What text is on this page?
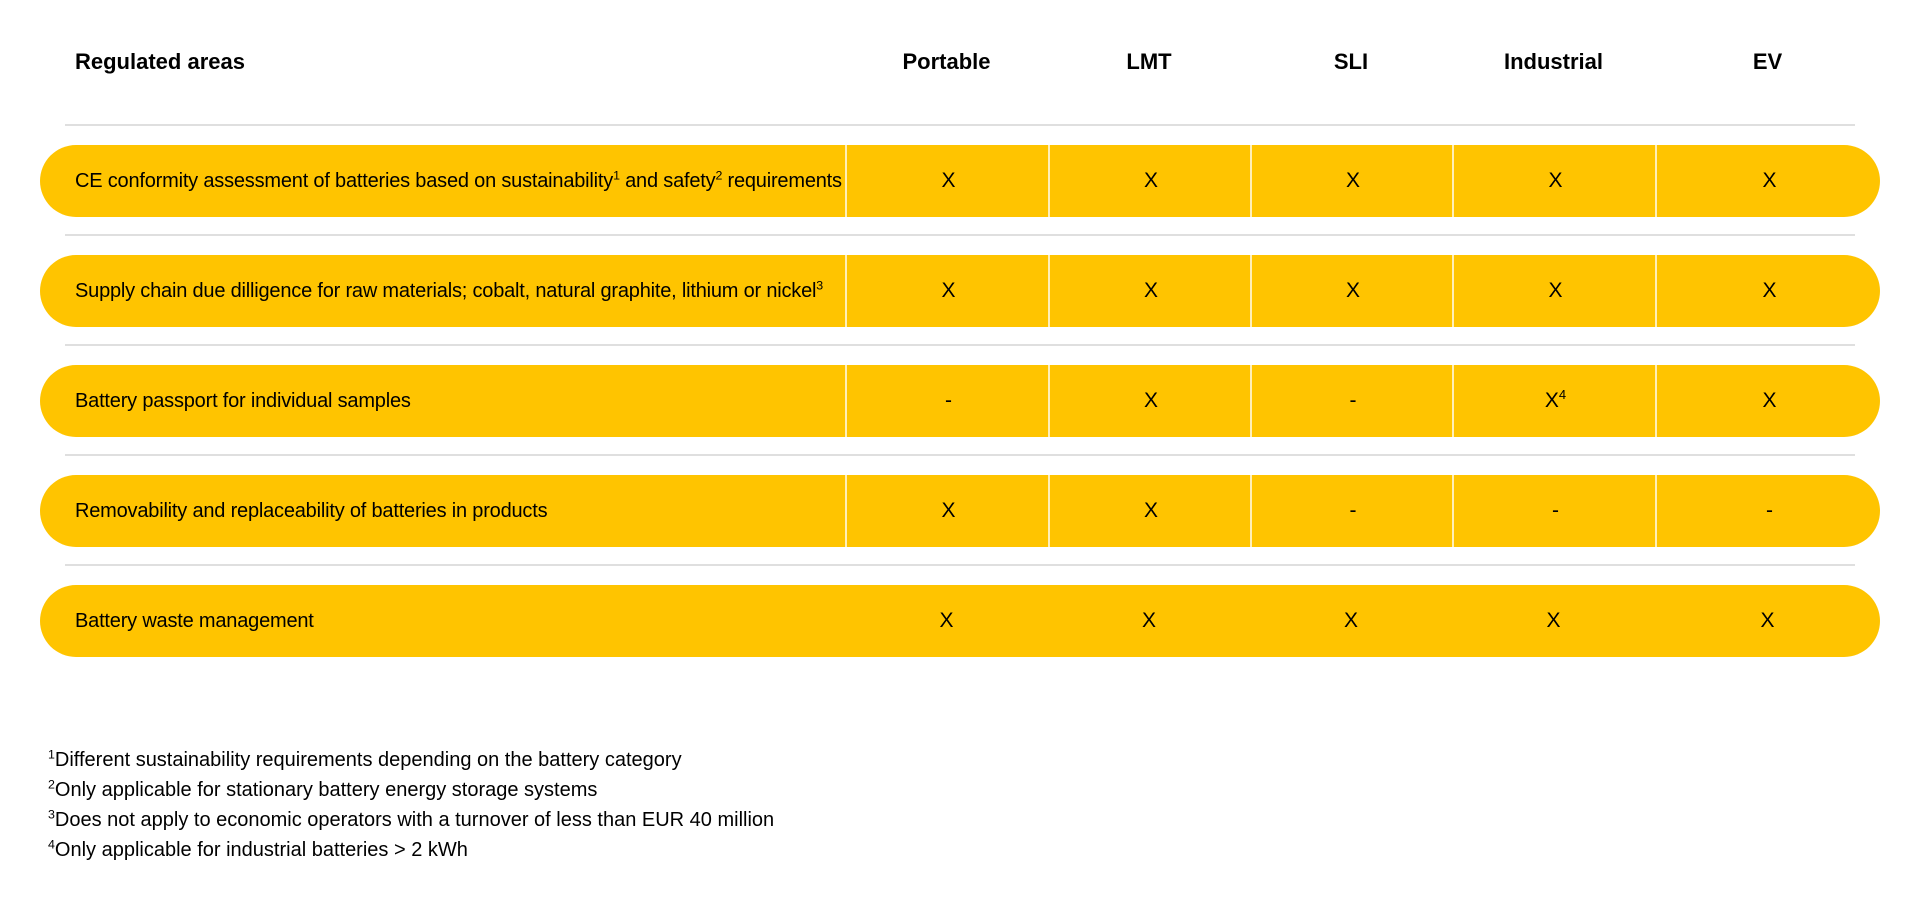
Regulated areas	Portable	LMT	SLI	Industrial	EV
CE conformity assessment of batteries based on sustainability$^1$ and safety$^2$ requirements	X	X	X	X	X
Supply chain due dilligence for raw materials; cobalt, natural graphite, lithium or nickel$^3$	X	X	X	X	X
Battery passport for individual samples	-	X	-	$X^4$	X
Removability and replaceability of batteries in products	X	X	-	-	-
Battery waste management	X	X	X	X	X
$^1$Different sustainability requirements depending on the battery category
$^2$Only applicable for stationary battery energy storage systems
$^3$Does not apply to economic operators with a turnover of less than EUR 40 million
$^4$Only applicable for industrial batteries > 2 kWh
